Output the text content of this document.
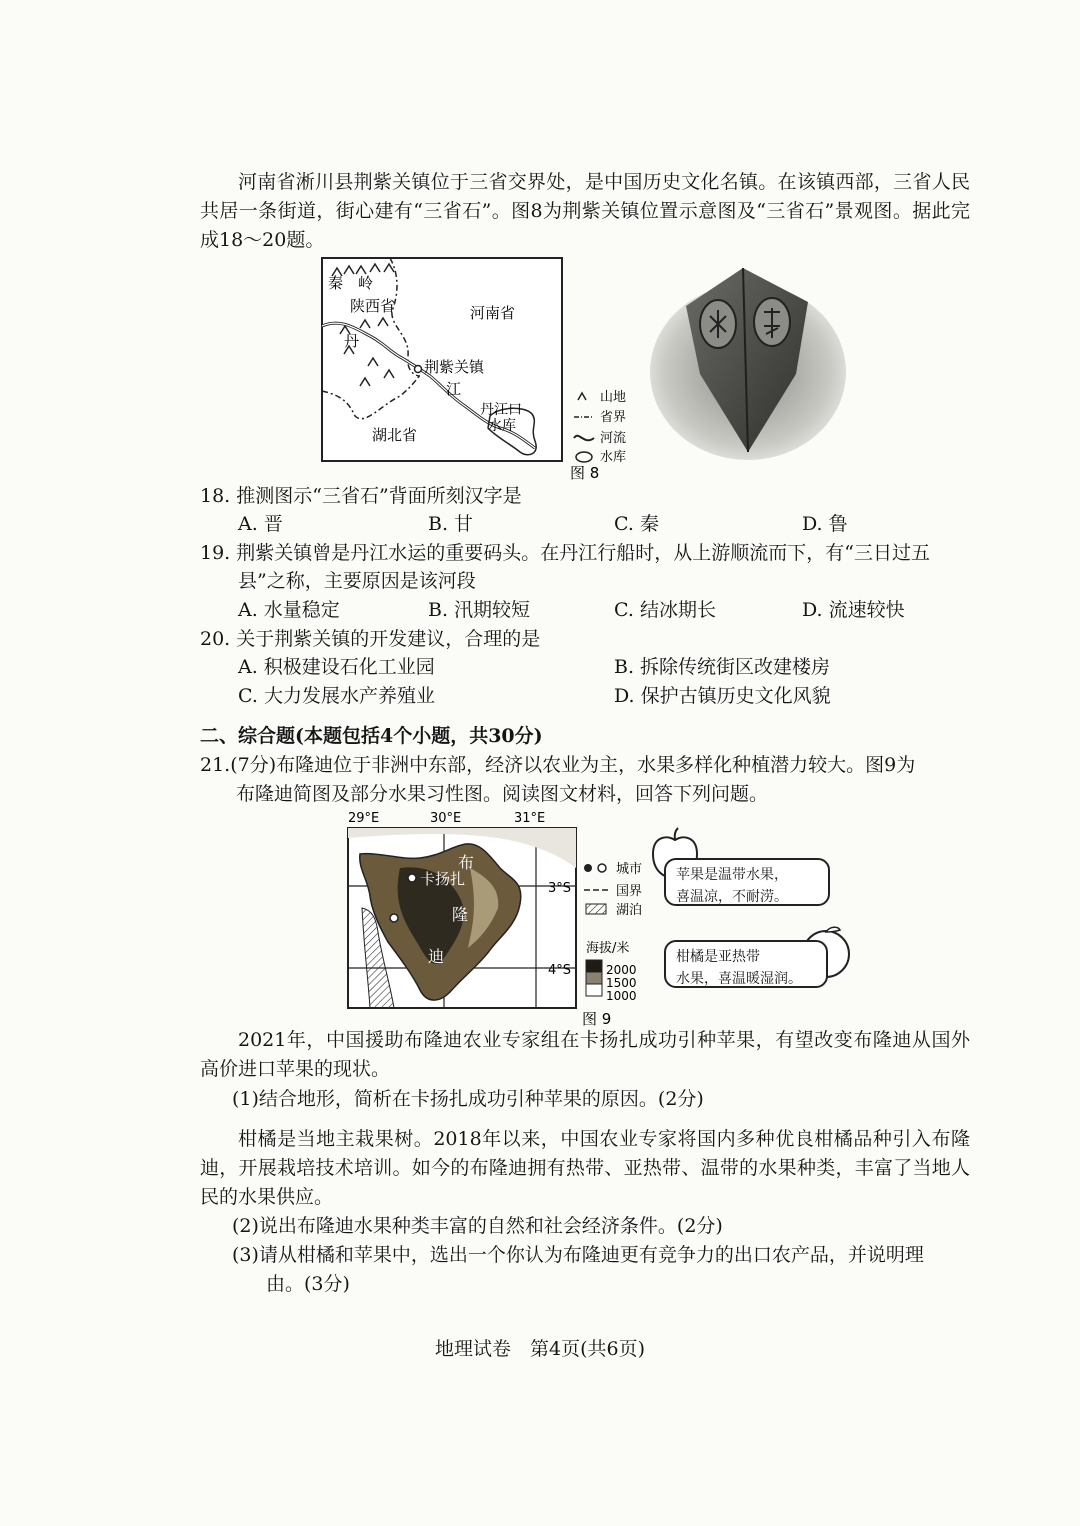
河南省淅川县荆紫关镇位于三省交界处，是中国历史文化名镇。在该镇西部，三省人民共居一条街道，街心建有“三省石”。图8为荆紫关镇位置示意图及“三省石”景观图。据此完成18～20题。
秦　岭
陕西省	河南省
丹
荆紫关镇
江
丹江口水库
湖北省
山地
省界
河流
水库
图 8
18. 推测图示“三省石”背面所刻汉字是
A. 晋	B. 甘	C. 秦	D. 鲁
19. 荆紫关镇曾是丹江水运的重要码头。在丹江行船时，从上游顺流而下，有“三日过五
县”之称，主要原因是该河段
A. 水量稳定	B. 汛期较短	C. 结冰期长	D. 流速较快
20. 关于荆紫关镇的开发建议，合理的是
A. 积极建设石化工业园	B. 拆除传统街区改建楼房
C. 大力发展水产养殖业	D. 保护古镇历史文化风貌
二、综合题(本题包括4个小题，共30分)
21.(7分)布隆迪位于非洲中东部，经济以农业为主，水果多样化种植潜力较大。图9为
布隆迪简图及部分水果习性图。阅读图文材料，回答下列问题。
29°E	30°E	31°E
卡扬扎
布
隆
迪
3°S
4°S
城市
国界
湖泊
海拔/米
2000
1500
1000
图 9
苹果是温带水果，
喜温凉，不耐涝。
柑橘是亚热带
水果，喜温暖湿润。
2021年，中国援助布隆迪农业专家组在卡扬扎成功引种苹果，有望改变布隆迪从国外高价进口苹果的现状。
(1)结合地形，简析在卡扬扎成功引种苹果的原因。(2分)
柑橘是当地主栽果树。2018年以来，中国农业专家将国内多种优良柑橘品种引入布隆迪，开展栽培技术培训。如今的布隆迪拥有热带、亚热带、温带的水果种类，丰富了当地人民的水果供应。
(2)说出布隆迪水果种类丰富的自然和社会经济条件。(2分)
(3)请从柑橘和苹果中，选出一个你认为布隆迪更有竞争力的出口农产品，并说明理
由。(3分)
地理试卷　第4页(共6页)
